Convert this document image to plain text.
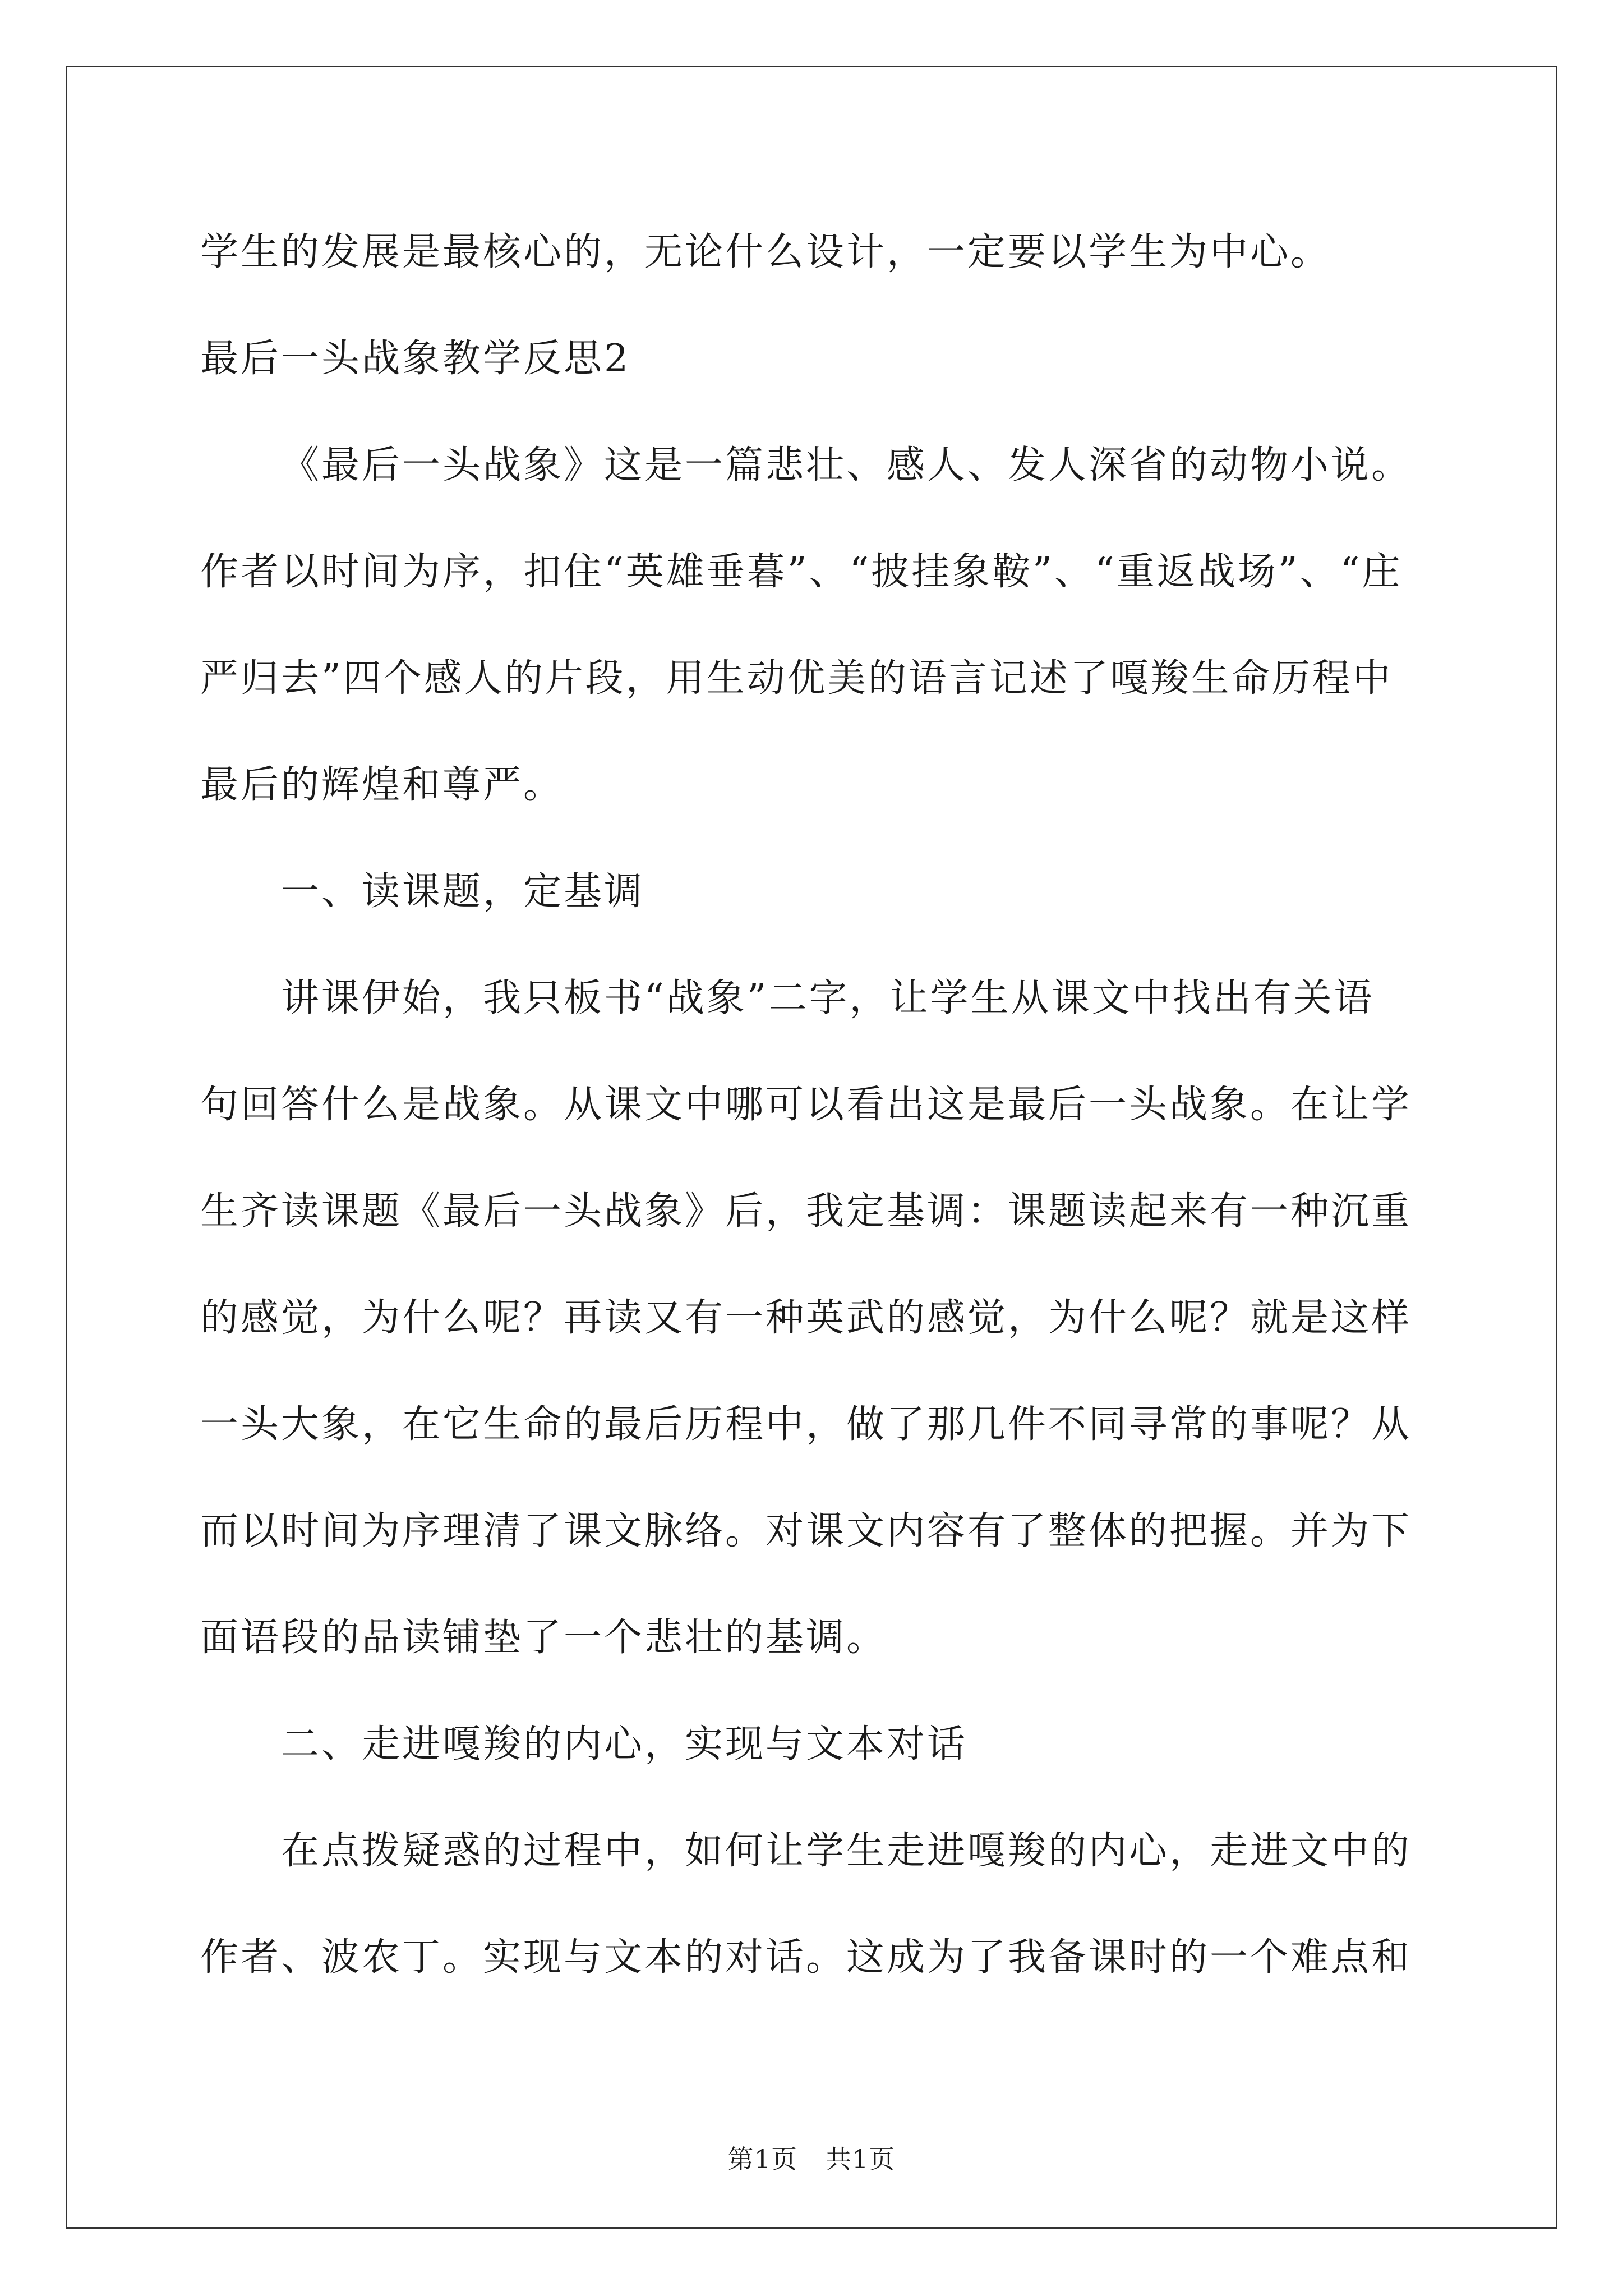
学生的发展是最核心的，无论什么设计，一定要以学生为中心。
最后一头战象教学反思2
《最后一头战象》这是一篇悲壮、感人、发人深省的动物小说。
作者以时间为序，扣住“英雄垂暮”、“披挂象鞍”、“重返战场”、“庄
严归去”四个感人的片段，用生动优美的语言记述了嘎羧生命历程中
最后的辉煌和尊严。
一、读课题，定基调
讲课伊始，我只板书“战象”二字，让学生从课文中找出有关语
句回答什么是战象。从课文中哪可以看出这是最后一头战象。在让学
生齐读课题《最后一头战象》后，我定基调：课题读起来有一种沉重
的感觉，为什么呢？再读又有一种英武的感觉，为什么呢？就是这样
一头大象，在它生命的最后历程中，做了那几件不同寻常的事呢？从
而以时间为序理清了课文脉络。对课文内容有了整体的把握。并为下
面语段的品读铺垫了一个悲壮的基调。
二、走进嘎羧的内心，实现与文本对话
在点拨疑惑的过程中，如何让学生走进嘎羧的内心，走进文中的
作者、波农丁。实现与文本的对话。这成为了我备课时的一个难点和
第1页 共1页
